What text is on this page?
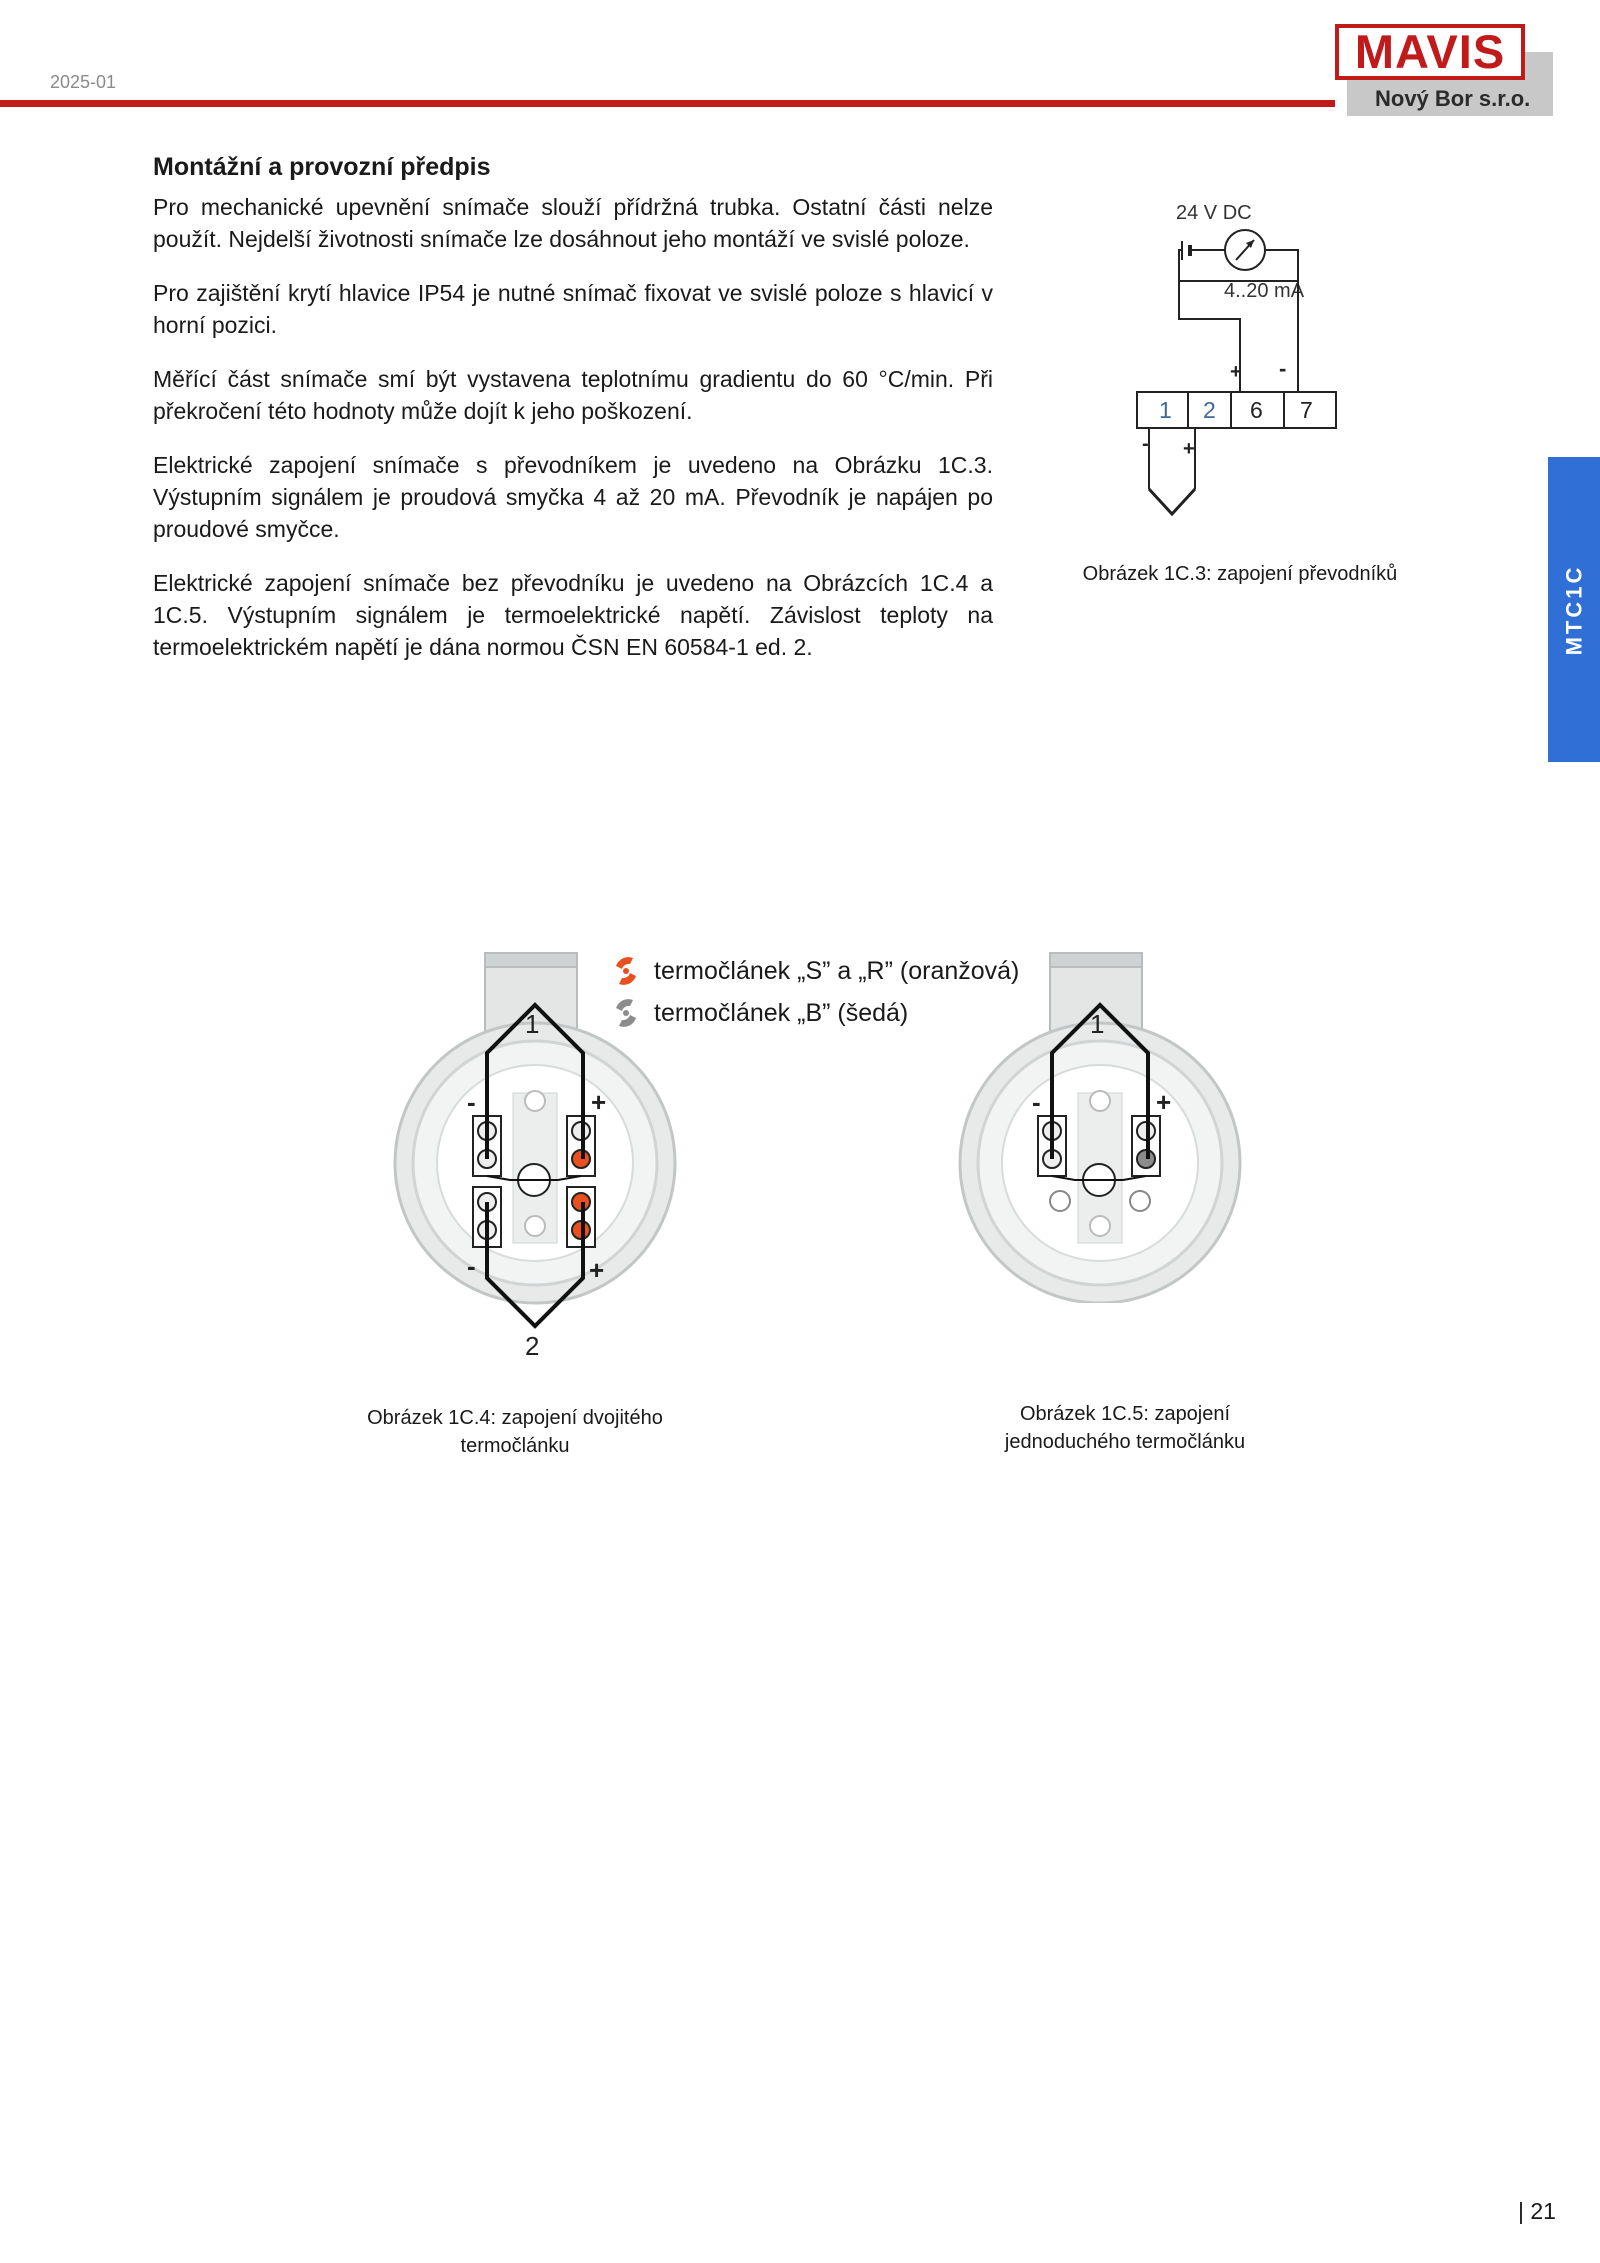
2025-01
MAVIS
Nový Bor s.r.o.
MTC1C
Montážní a provozní předpis

Pro mechanické upevnění snímače slouží přídržná trubka. Ostatní části nelze použít. Nejdelší životnosti snímače lze dosáhnout jeho montáží ve svislé poloze.

Pro zajištění krytí hlavice IP54 je nutné snímač fixovat ve svislé poloze s hlavicí v horní pozici.

Měřící část snímače smí být vystavena teplotnímu gradientu do 60 °C/min. Při překročení této hodnoty může dojít k jeho poškození.

Elektrické zapojení snímače s převodníkem je uvedeno na Obrázku 1C.3. Výstupním signálem je proudová smyčka 4 až 20 mA. Převodník je napájen po proudové smyčce.

Elektrické zapojení snímače bez převodníku je uvedeno na Obrázcích 1C.4 a 1C.5. Výstupním signálem je termoelektrické napětí. Závislost teploty na termoelektrickém napětí je dána normou ČSN EN 60584-1 ed. 2.

24 V DC
4..20 mA
+ -
1 2 6 7
- +
Obrázek 1C.3: zapojení převodníků
termočlánek „S” a „R” (oranžová)
termočlánek „B” (šedá)
1
2
-	+
-	+
Obrázek 1C.4: zapojení dvojitého
termočlánku
1
-	+
Obrázek 1C.5: zapojení
jednoduchého termočlánku
| 21
